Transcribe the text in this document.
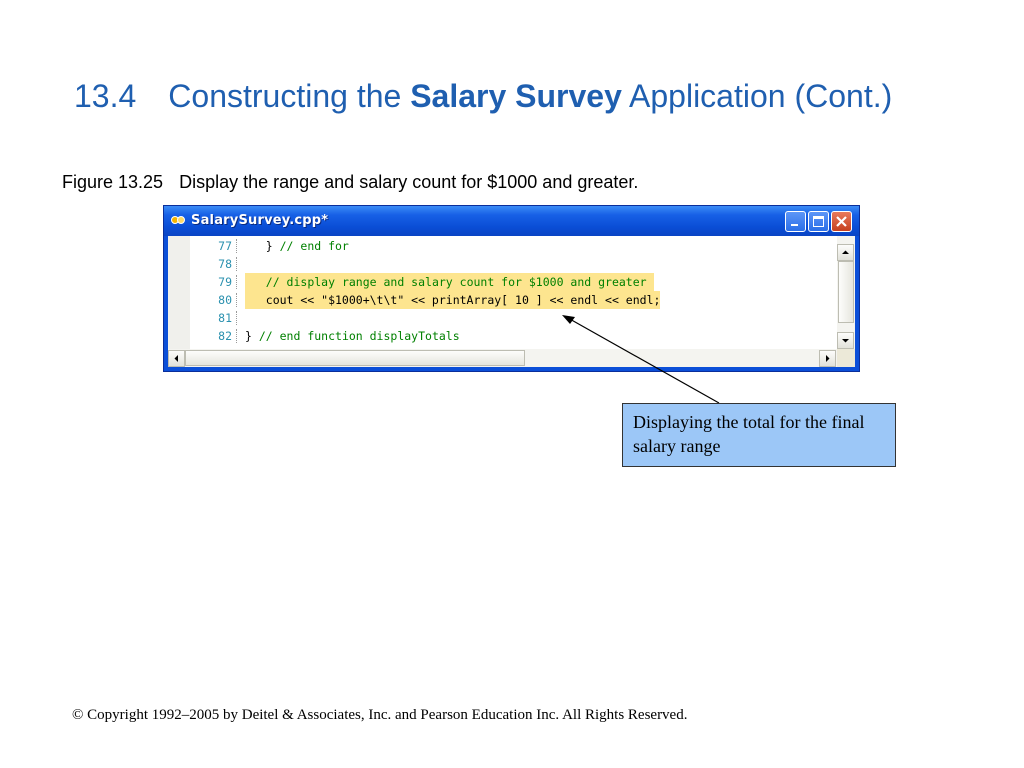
13.4 Constructing the Salary Survey Application (Cont.)
Figure 13.25 Display the range and salary count for $1000 and greater.
SalarySurvey.cpp*
77 } // end for
78
79	// display range and salary count for $1000 and greater
80 cout << "$1000+\t\t" << printArray[ 10 ] << endl << endl;
81
82 } // end function displayTotals
Displaying the total for the final salary range
© Copyright 1992–2005 by Deitel & Associates, Inc. and Pearson Education Inc. All Rights Reserved.
